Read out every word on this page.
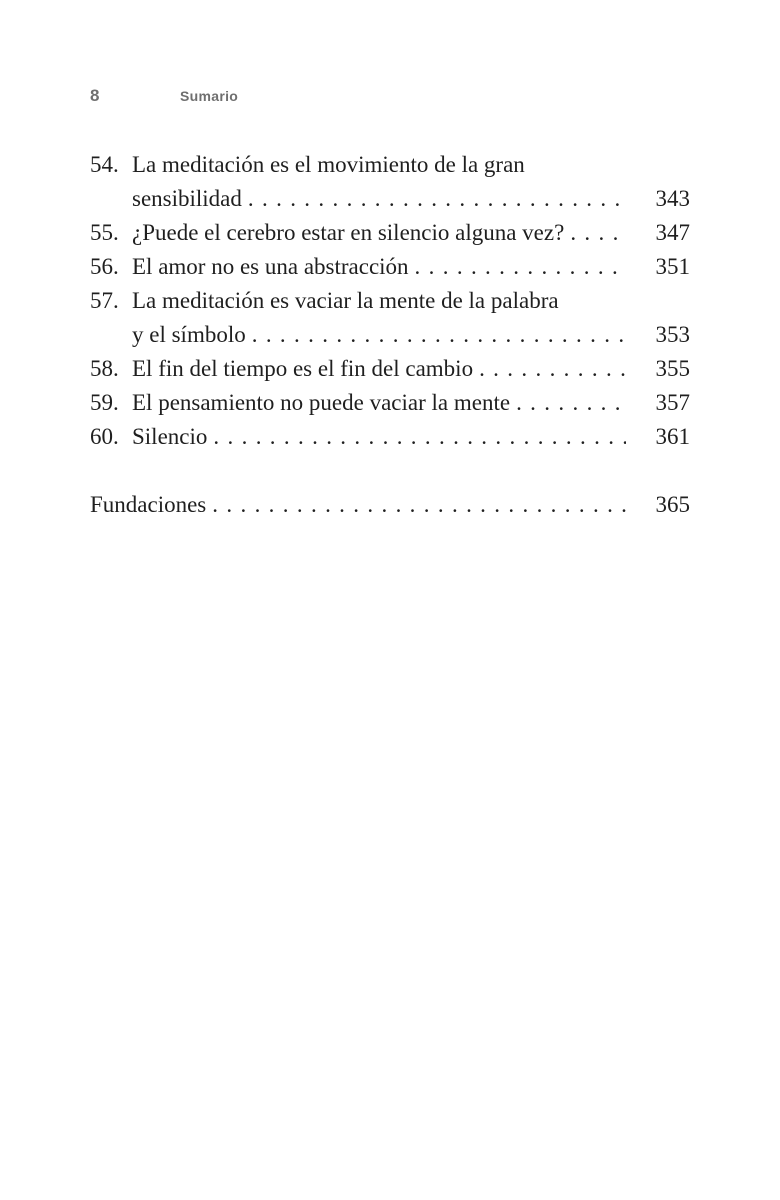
8	Sumario
54. La meditación es el movimiento de la gran
sensibilidad . . .	343
55. ¿Puede el cerebro estar en silencio alguna vez? . . .	347
56. El amor no es una abstracción . . .	351
57. La meditación es vaciar la mente de la palabra
y el símbolo . . .	353
58. El fin del tiempo es el fin del cambio . . .	355
59. El pensamiento no puede vaciar la mente . . .	357
60. Silencio . . .	361
Fundaciones . . .	365
